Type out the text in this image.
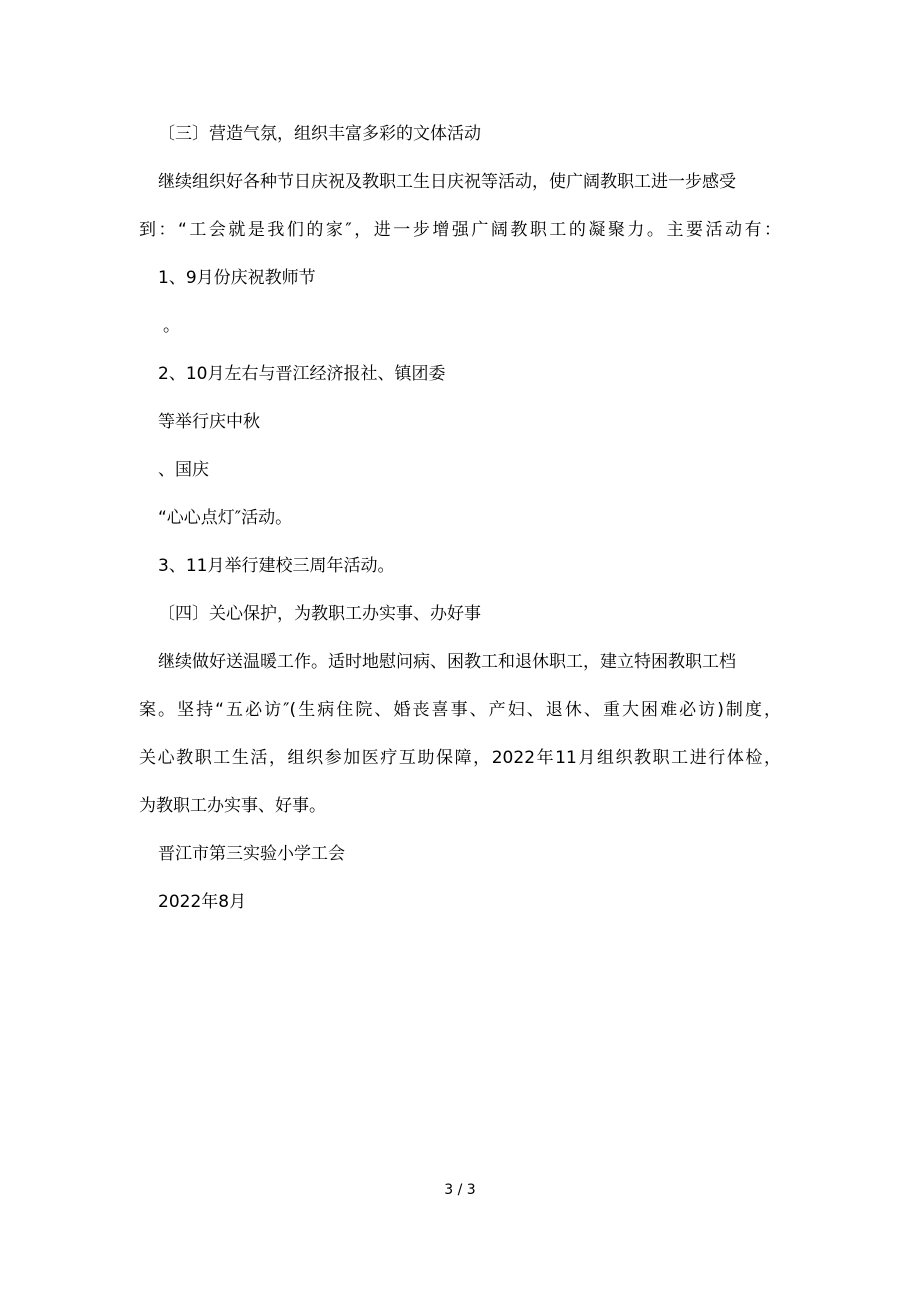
〔三〕营造气氛，组织丰富多彩的文体活动
继续组织好各种节日庆祝及教职工生日庆祝等活动，使广阔教职工进一步感受
到：“工会就是我们的家″，进一步增强广阔教职工的凝聚力。主要活动有：
1、9月份庆祝教师节
。
2、10月左右与晋江经济报社、镇团委
等举行庆中秋
、国庆
“心心点灯″活动。
3、11月举行建校三周年活动。
〔四〕关心保护，为教职工办实事、办好事
继续做好送温暖工作。适时地慰问病、困教工和退休职工，建立特困教职工档
案。坚持“五必访″(生病住院、婚丧喜事、产妇、退休、重大困难必访)制度，
关心教职工生活，组织参加医疗互助保障，2022年11月组织教职工进行体检，
为教职工办实事、好事。
晋江市第三实验小学工会
2022年8月
3 / 3
